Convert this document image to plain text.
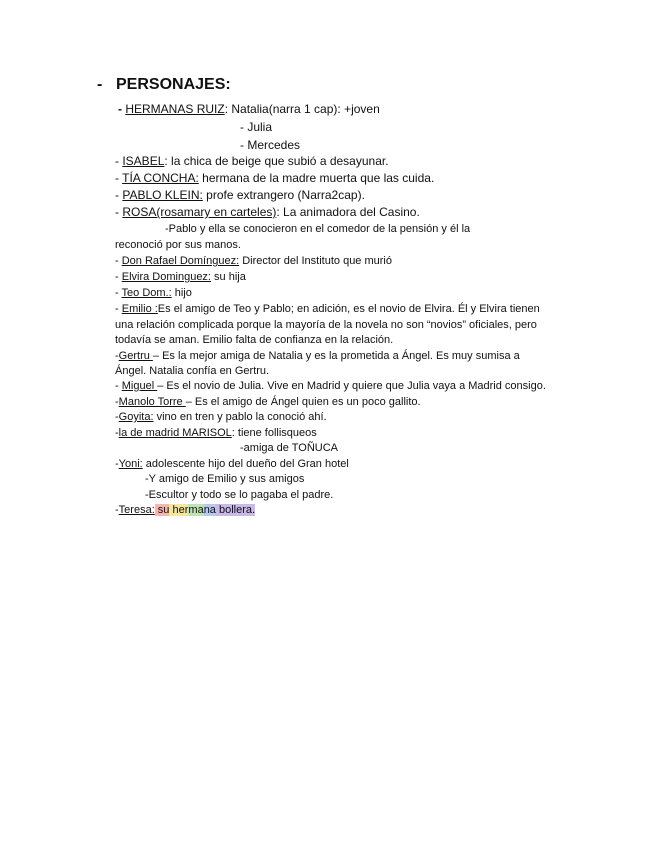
- PERSONAJES:
- HERMANAS RUIZ: Natalia(narra 1 cap): +joven
- Julia
- Mercedes
- ISABEL: la chica de beige que subió a desayunar.
- TÍA CONCHA: hermana de la madre muerta que las cuida.
- PABLO KLEIN: profe extrangero (Narra2cap).
- ROSA(rosamary en carteles): La animadora del Casino.
-Pablo y ella se conocieron en el comedor de la pensión y él la
reconoció por sus manos.
- Don Rafael Domínguez: Director del Instituto que murió
- Elvira Dominguez: su hija
- Teo Dom.: hijo
- Emilio :Es el amigo de Teo y Pablo; en adición, es el novio de Elvira. Él y Elvira tienen
una relación complicada porque la mayoría de la novela no son “novios” oficiales, pero
todavía se aman. Emilio falta de confianza en la relación.
-Gertru – Es la mejor amiga de Natalia y es la prometida a Ángel. Es muy sumisa a
Ángel. Natalia confía en Gertru.
- Miguel – Es el novio de Julia. Vive en Madrid y quiere que Julia vaya a Madrid consigo.
-Manolo Torre – Es el amigo de Ángel quien es un poco gallito.
-Goyita: vino en tren y pablo la conoció ahí.
-la de madrid MARISOL: tiene follisqueos
-amiga de TOÑUCA
-Yoni: adolescente hijo del dueño del Gran hotel
-Y amigo de Emilio y sus amigos
-Escultor y todo se lo pagaba el padre.
-Teresa: su hermana bollera.
